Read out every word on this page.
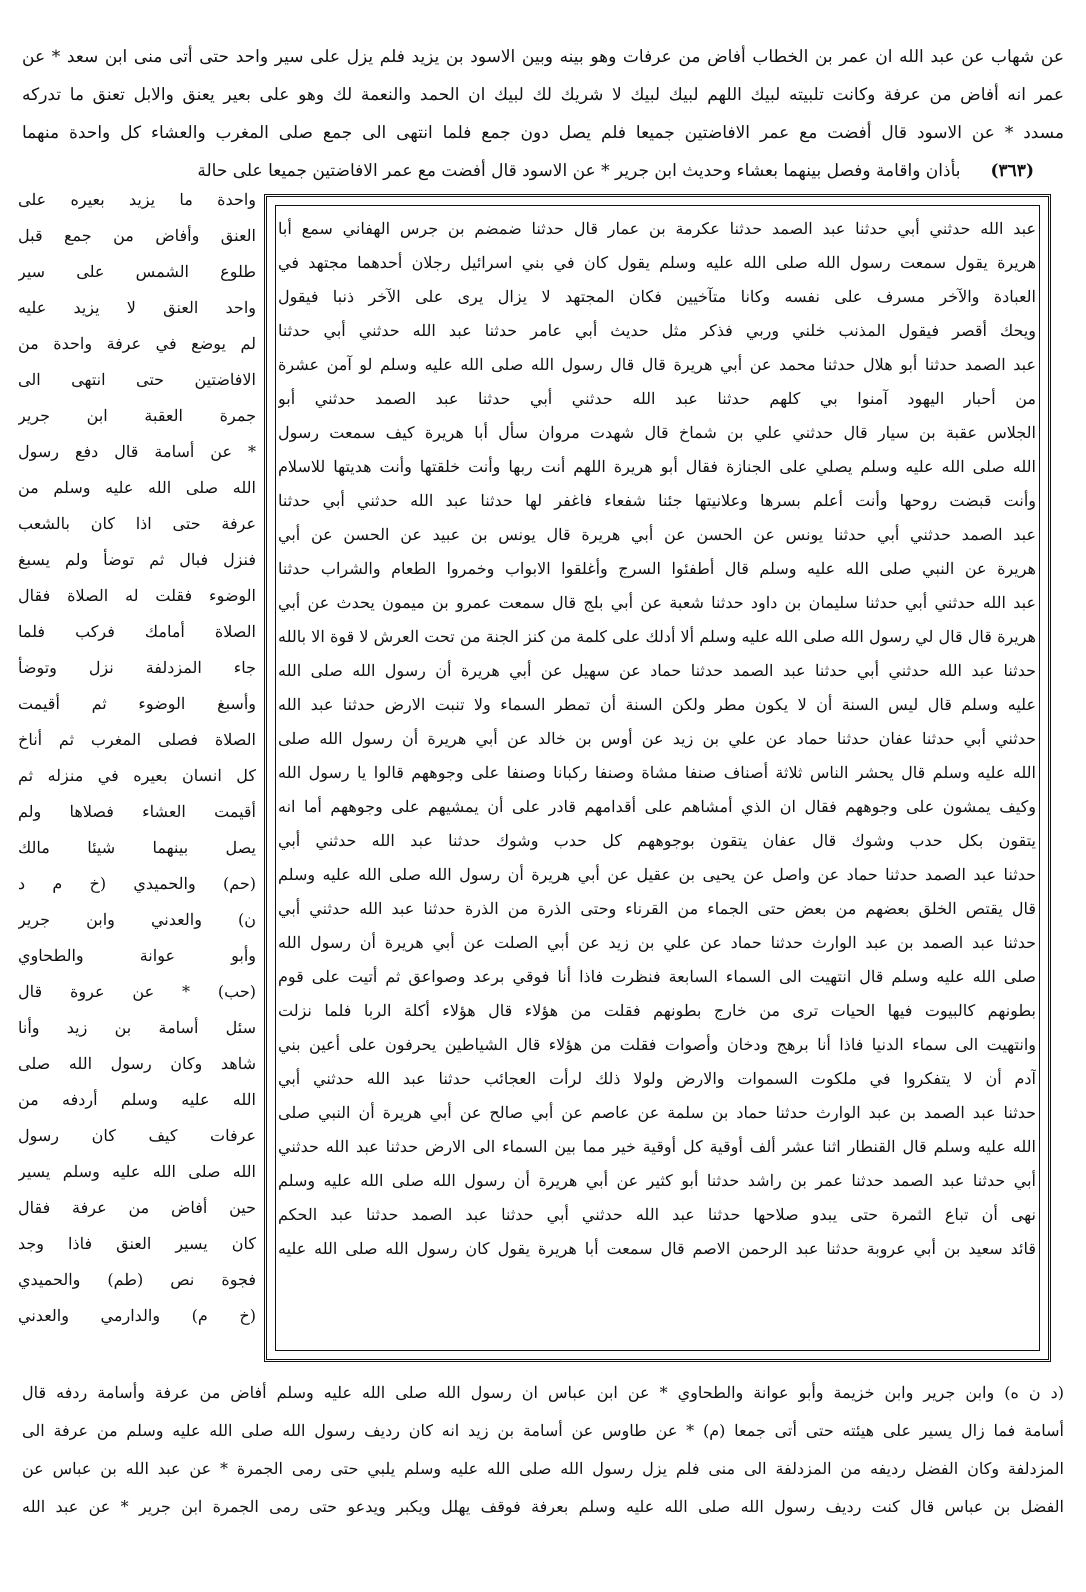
عن شهاب عن عبد الله ان عمر بن الخطاب أفاض من عرفات وهو بينه وبين الاسود بن يزيد فلم يزل على سير واحد حتى أتى منى ابن سعد * عن
عمر انه أفاض من عرفة وكانت تلبيته لبيك اللهم لبيك لبيك لا شريك لك لبيك ان الحمد والنعمة لك وهو على بعير يعنق والابل تعنق ما تدركه
مسدد * عن الاسود قال أفضت مع عمر الافاضتين جميعا فلم يصل دون جمع فلما انتهى الى جمع صلى المغرب والعشاء كل واحدة منهما
(٣٦٣)بأذان واقامة وفصل بينهما بعشاء وحديث ابن جرير * عن الاسود قال أفضت مع عمر الافاضتين جميعا على حالة
عبد الله حدثني أبي حدثنا عبد الصمد حدثنا عكرمة بن عمار قال حدثنا ضمضم بن جرس الهفاني سمع أبا
هريرة يقول سمعت رسول الله صلى الله عليه وسلم يقول كان في بني اسرائيل رجلان أحدهما مجتهد في
العبادة والآخر مسرف على نفسه وكانا متآخيين فكان المجتهد لا يزال يرى على الآخر ذنبا فيقول
ويحك أقصر فيقول المذنب خلني وربي فذكر مثل حديث أبي عامر حدثنا عبد الله حدثني أبي حدثنا
عبد الصمد حدثنا أبو هلال حدثنا محمد عن أبي هريرة قال قال رسول الله صلى الله عليه وسلم لو آمن عشرة
من أحبار اليهود آمنوا بي كلهم حدثنا عبد الله حدثني أبي حدثنا عبد الصمد حدثني أبو
الجلاس عقبة بن سيار قال حدثني علي بن شماخ قال شهدت مروان سأل أبا هريرة كيف سمعت رسول
الله صلى الله عليه وسلم يصلي على الجنازة فقال أبو هريرة اللهم أنت ربها وأنت خلقتها وأنت هديتها للاسلام
وأنت قبضت روحها وأنت أعلم بسرها وعلانيتها جئنا شفعاء فاغفر لها حدثنا عبد الله حدثني أبي حدثنا
عبد الصمد حدثني أبي حدثنا يونس عن الحسن عن أبي هريرة قال يونس بن عبيد عن الحسن عن أبي
هريرة عن النبي صلى الله عليه وسلم قال أطفئوا السرج وأغلقوا الابواب وخمروا الطعام والشراب حدثنا
عبد الله حدثني أبي حدثنا سليمان بن داود حدثنا شعبة عن أبي بلج قال سمعت عمرو بن ميمون يحدث عن أبي
هريرة قال قال لي رسول الله صلى الله عليه وسلم ألا أدلك على كلمة من كنز الجنة من تحت العرش لا قوة الا بالله
حدثنا عبد الله حدثني أبي حدثنا عبد الصمد حدثنا حماد عن سهيل عن أبي هريرة أن رسول الله صلى الله
عليه وسلم قال ليس السنة أن لا يكون مطر ولكن السنة أن تمطر السماء ولا تنبت الارض حدثنا عبد الله
حدثني أبي حدثنا عفان حدثنا حماد عن علي بن زيد عن أوس بن خالد عن أبي هريرة أن رسول الله صلى
الله عليه وسلم قال يحشر الناس ثلاثة أصناف صنفا مشاة وصنفا ركبانا وصنفا على وجوههم قالوا يا رسول الله
وكيف يمشون على وجوههم فقال ان الذي أمشاهم على أقدامهم قادر على أن يمشيهم على وجوههم أما انه
يتقون بكل حدب وشوك قال عفان يتقون بوجوههم كل حدب وشوك حدثنا عبد الله حدثني أبي
حدثنا عبد الصمد حدثنا حماد عن واصل عن يحيى بن عقيل عن أبي هريرة أن رسول الله صلى الله عليه وسلم
قال يقتص الخلق بعضهم من بعض حتى الجماء من القرناء وحتى الذرة من الذرة حدثنا عبد الله حدثني أبي
حدثنا عبد الصمد بن عبد الوارث حدثنا حماد عن علي بن زيد عن أبي الصلت عن أبي هريرة أن رسول الله
صلى الله عليه وسلم قال انتهيت الى السماء السابعة فنظرت فاذا أنا فوقي برعد وصواعق ثم أتيت على قوم
بطونهم كالبيوت فيها الحيات ترى من خارج بطونهم فقلت من هؤلاء قال هؤلاء أكلة الربا فلما نزلت
وانتهيت الى سماء الدنيا فاذا أنا برهج ودخان وأصوات فقلت من هؤلاء قال الشياطين يحرفون على أعين بني
آدم أن لا يتفكروا في ملكوت السموات والارض ولولا ذلك لرأت العجائب حدثنا عبد الله حدثني أبي
حدثنا عبد الصمد بن عبد الوارث حدثنا حماد بن سلمة عن عاصم عن أبي صالح عن أبي هريرة أن النبي صلى
الله عليه وسلم قال القنطار اثنا عشر ألف أوقية كل أوقية خير مما بين السماء الى الارض حدثنا عبد الله حدثني
أبي حدثنا عبد الصمد حدثنا عمر بن راشد حدثنا أبو كثير عن أبي هريرة أن رسول الله صلى الله عليه وسلم
نهى أن تباع الثمرة حتى يبدو صلاحها حدثنا عبد الله حدثني أبي حدثنا عبد الصمد حدثنا عبد الحكم
قائد سعيد بن أبي عروبة حدثنا عبد الرحمن الاصم قال سمعت أبا هريرة يقول كان رسول الله صلى الله عليه
واحدة ما يزيد بعيره على
العنق وأفاض من جمع قبل
طلوع الشمس على سير
واحد العنق لا يزيد عليه
لم يوضع في عرفة واحدة من
الافاضتين حتى انتهى الى
جمرة العقبة ابن جرير
* عن أسامة قال دفع رسول
الله صلى الله عليه وسلم من
عرفة حتى اذا كان بالشعب
فنزل فبال ثم توضأ ولم يسبغ
الوضوء فقلت له الصلاة فقال
الصلاة أمامك فركب فلما
جاء المزدلفة نزل وتوضأ
وأسبغ الوضوء ثم أقيمت
الصلاة فصلى المغرب ثم أناخ
كل انسان بعيره في منزله ثم
أقيمت العشاء فصلاها ولم
يصل بينهما شيئا مالك
(حم) والحميدي (خ م د
ن) والعدني وابن جرير
وأبو عوانة والطحاوي
(حب) * عن عروة قال
سئل أسامة بن زيد وأنا
شاهد وكان رسول الله صلى
الله عليه وسلم أردفه من
عرفات كيف كان رسول
الله صلى الله عليه وسلم يسير
حين أفاض من عرفة فقال
كان يسير العنق فاذا وجد
فجوة نص (طم) والحميدي
(خ م) والدارمي والعدني
(د ن ه) وابن جرير وابن خزيمة وأبو عوانة والطحاوي * عن ابن عباس ان رسول الله صلى الله عليه وسلم أفاض من عرفة وأسامة ردفه قال
أسامة فما زال يسير على هيئته حتى أتى جمعا (م) * عن طاوس عن أسامة بن زيد انه كان رديف رسول الله صلى الله عليه وسلم من عرفة الى
المزدلفة وكان الفضل رديفه من المزدلفة الى منى فلم يزل رسول الله صلى الله عليه وسلم يلبي حتى رمى الجمرة * عن عبد الله بن عباس عن
الفضل بن عباس قال كنت رديف رسول الله صلى الله عليه وسلم بعرفة فوقف يهلل ويكبر ويدعو حتى رمى الجمرة ابن جرير * عن عبد الله
